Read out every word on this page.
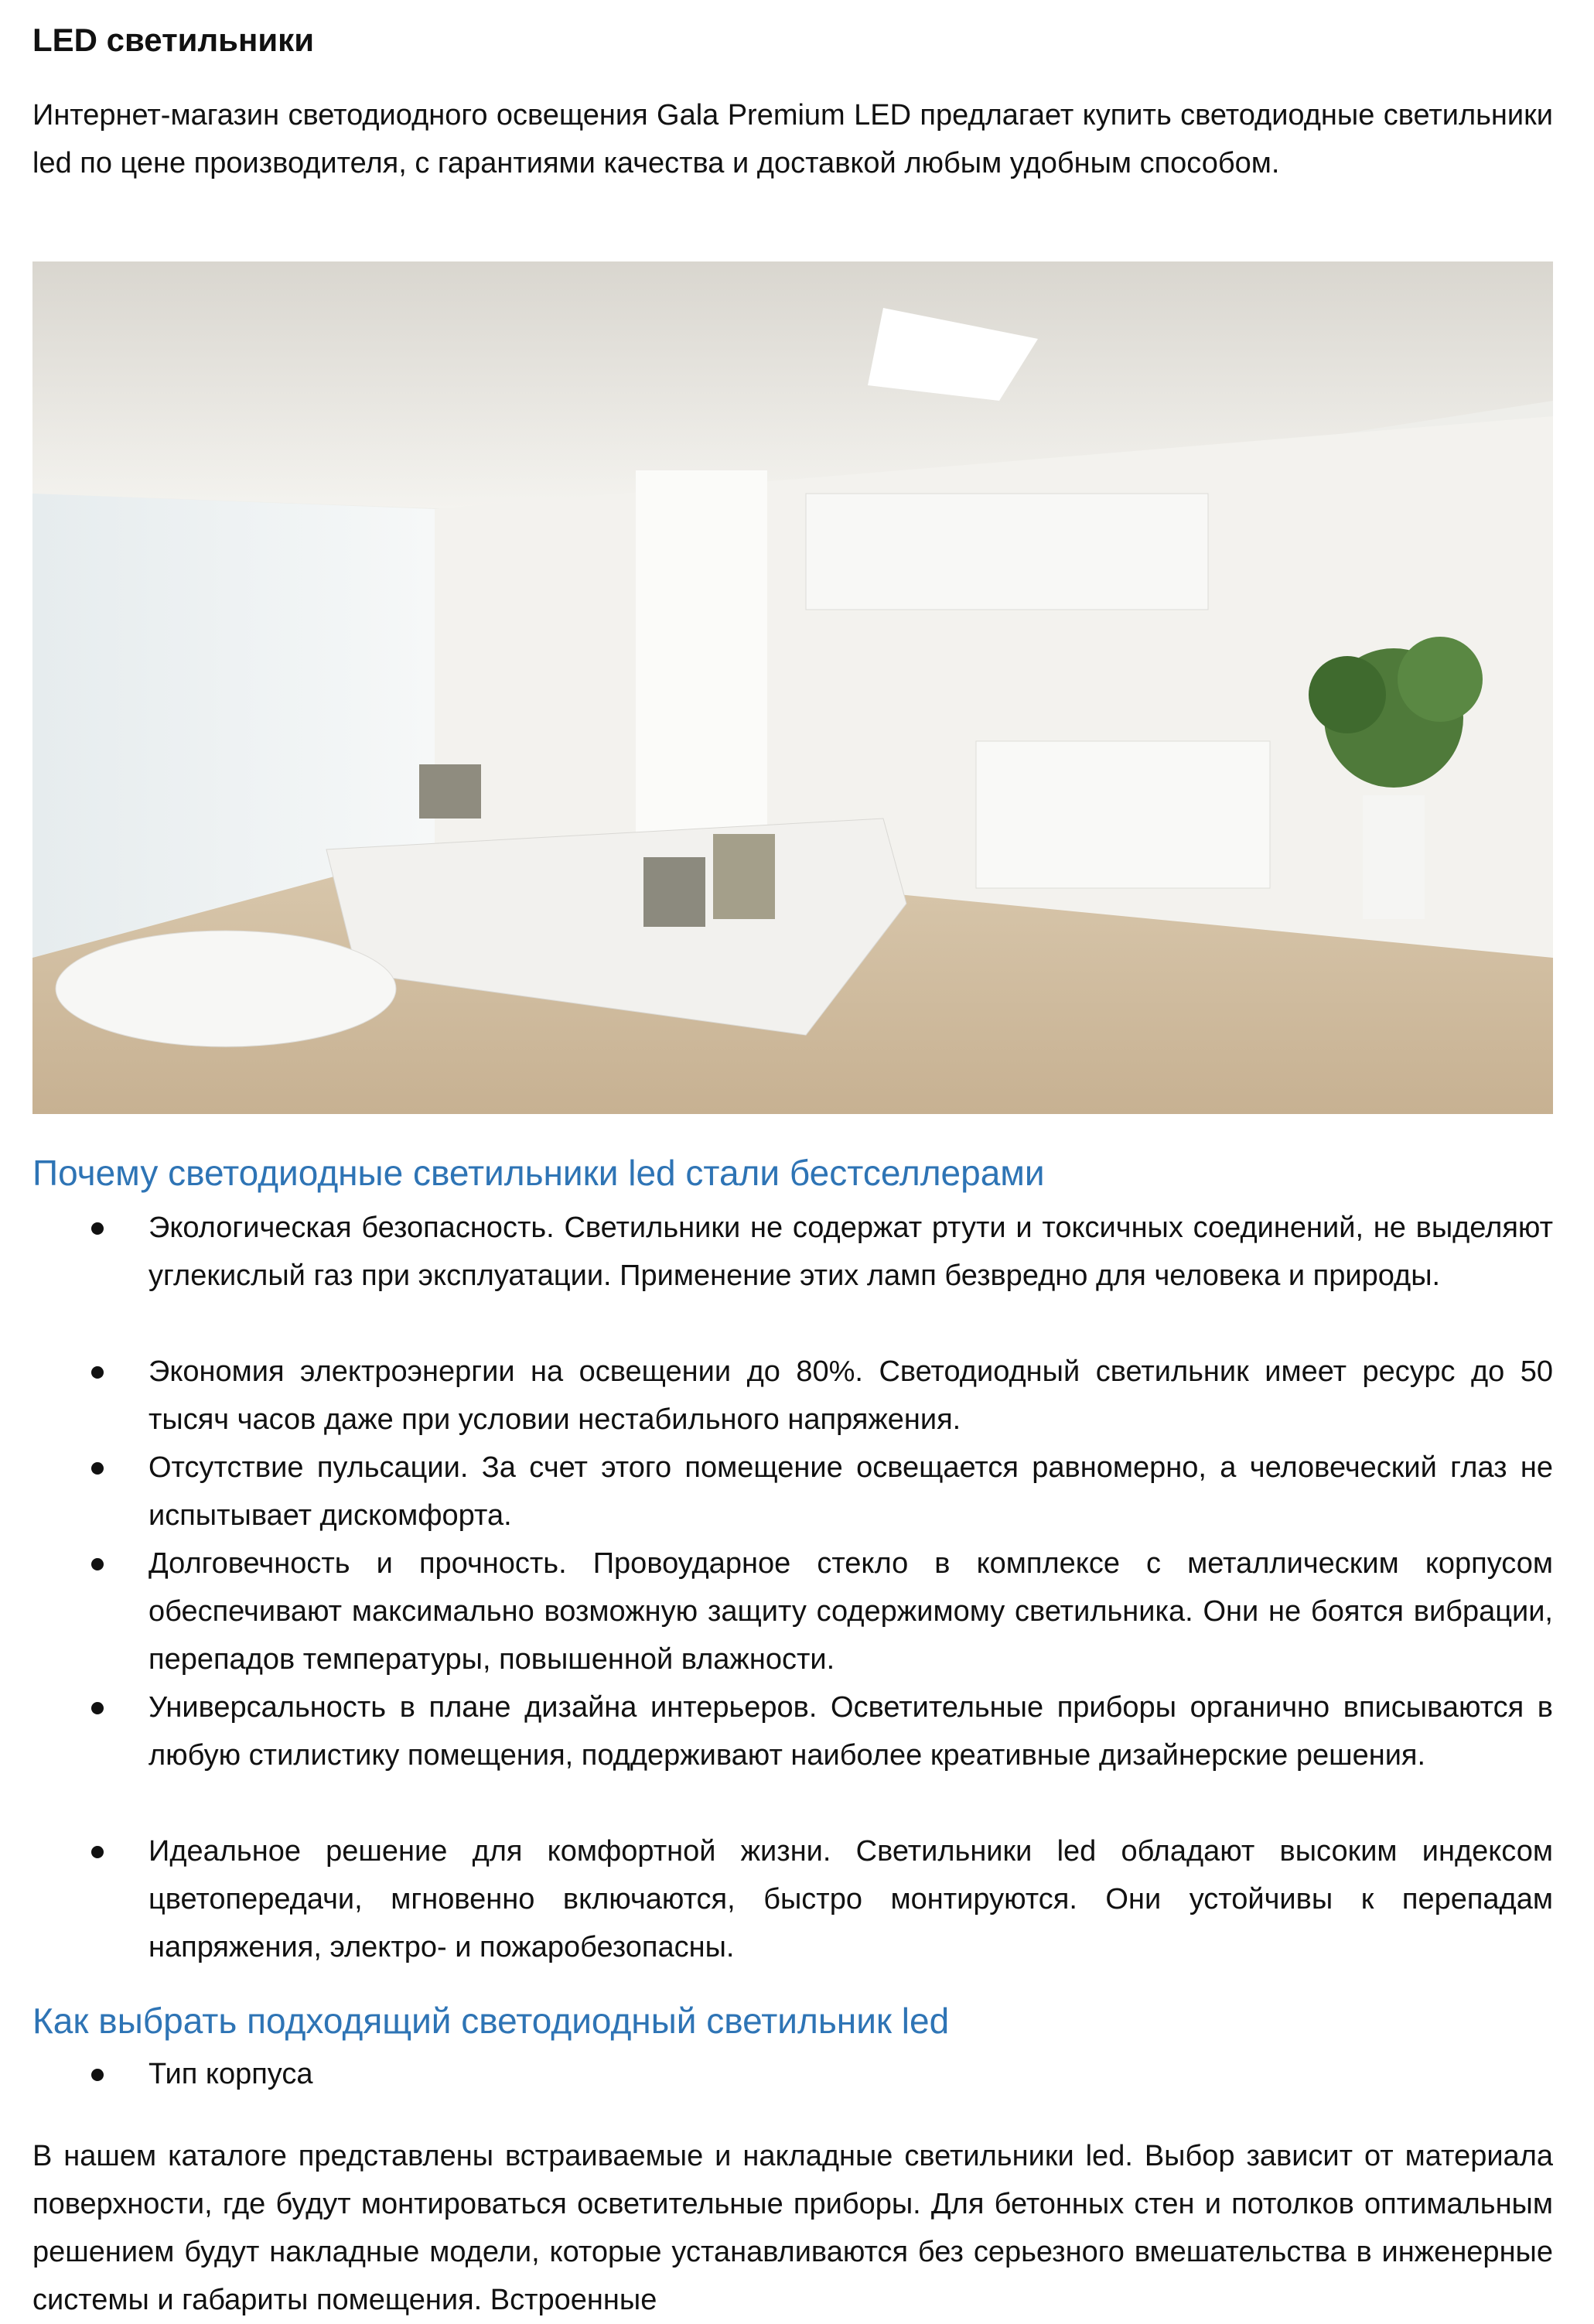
LED светильники

Интернет-магазин светодиодного освещения Gala Premium LED предлагает купить светодиодные светильники led по цене производителя, с гарантиями качества и доставкой любым удобным способом.

Почему светодиодные светильники led стали бестселлерами
Экологическая безопасность. Светильники не содержат ртути и токсичных соединений, не выделяют углекислый газ при эксплуатации. Применение этих ламп безвредно для человека и природы.
Экономия электроэнергии на освещении до 80%. Светодиодный светильник имеет ресурс до 50 тысяч часов даже при условии нестабильного напряжения.
Отсутствие пульсации. За счет этого помещение освещается равномерно, а человеческий глаз не испытывает дискомфорта.
Долговечность и прочность. Провоударное стекло в комплексе с металлическим корпусом обеспечивают максимально возможную защиту содержимому светильника. Они не боятся вибрации, перепадов температуры, повышенной влажности.
Универсальность в плане дизайна интерьеров. Осветительные приборы органично вписываются в любую стилистику помещения, поддерживают наиболее креативные дизайнерские решения.
Идеальное решение для комфортной жизни. Светильники led обладают высоким индексом цветопередачи, мгновенно включаются, быстро монтируются. Они устойчивы к перепадам напряжения, электро- и пожаробезопасны.
Как выбрать подходящий светодиодный светильник led
Тип корпуса

В нашем каталоге представлены встраиваемые и накладные светильники led. Выбор зависит от материала поверхности, где будут монтироваться осветительные приборы. Для бетонных стен и потолков оптимальным решением будут накладные модели, которые устанавливаются без серьезного вмешательства в инженерные системы и габариты помещения. Встроенные
